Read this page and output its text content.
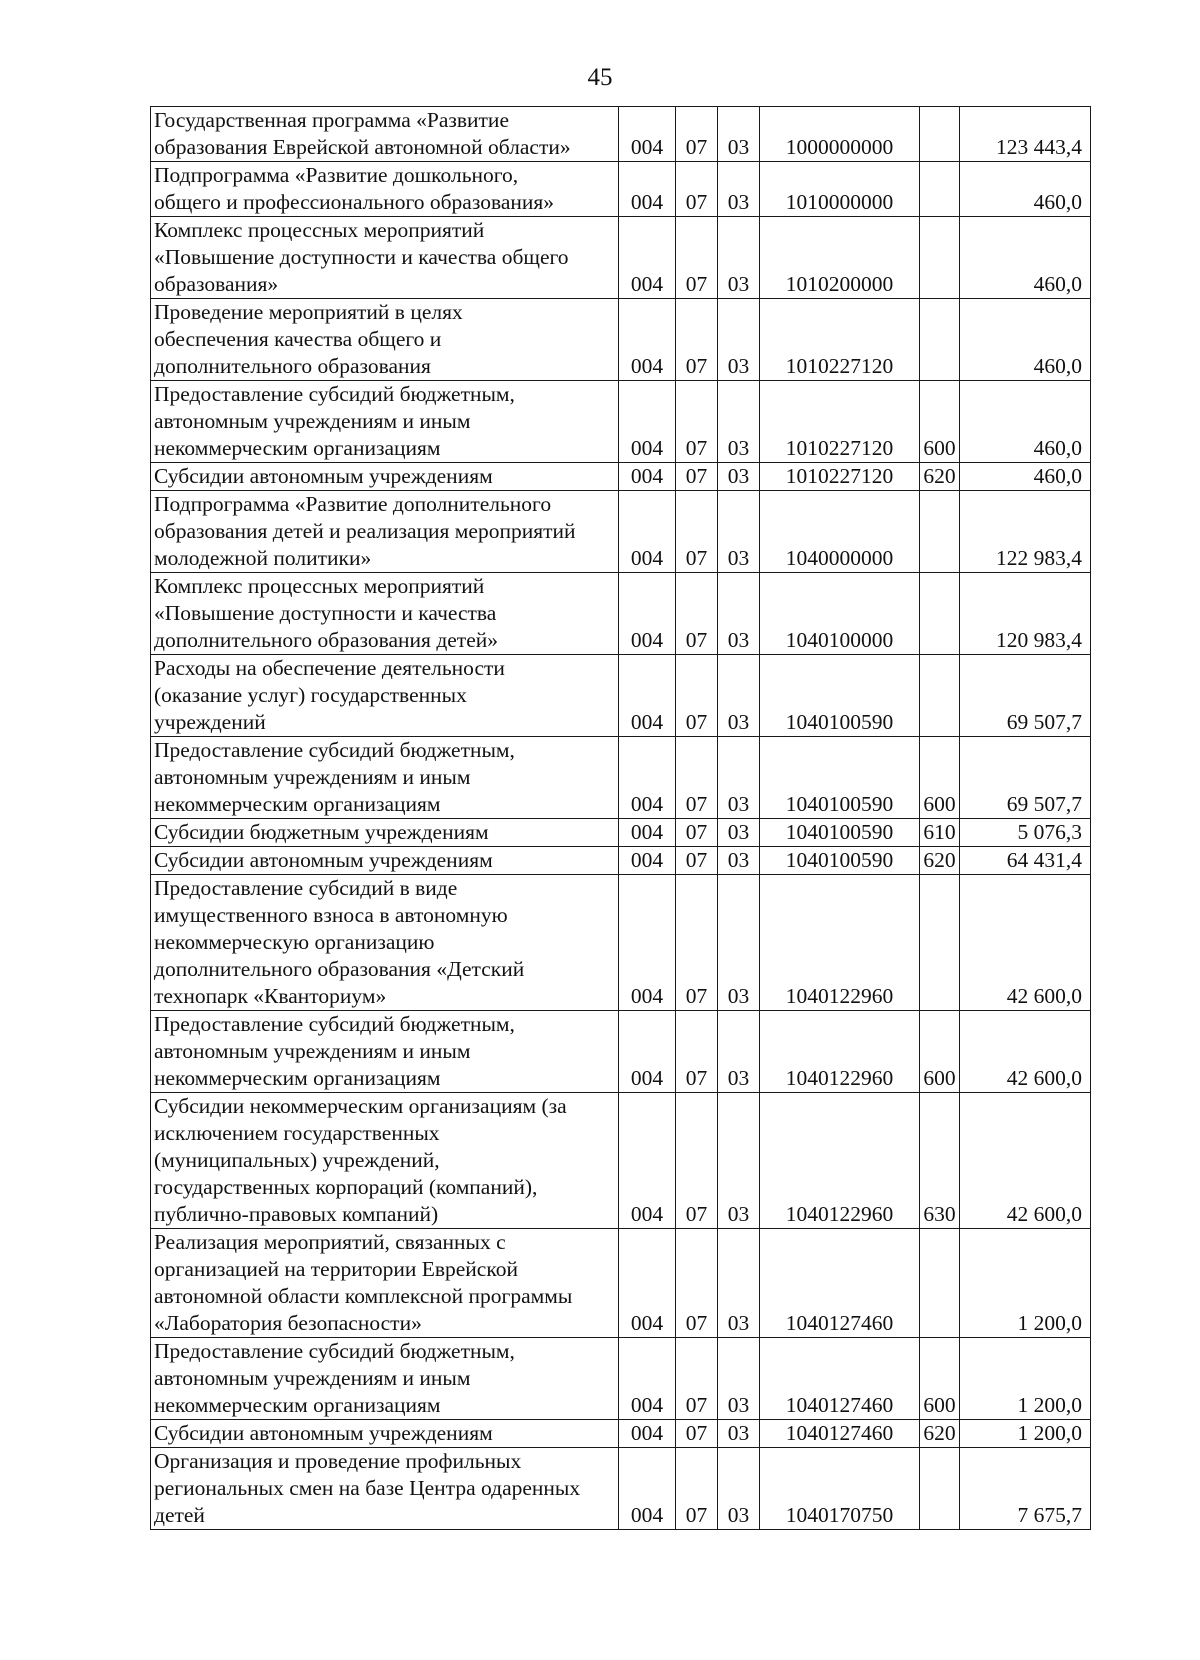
45
Государственная программа «Развитие
образования Еврейской автономной области»	004	07	03	1000000000		123 443,4
Подпрограмма «Развитие дошкольного,
общего и профессионального образования»	004	07	03	1010000000		460,0
Комплекс процессных мероприятий
«Повышение доступности и качества общего
образования»	004	07	03	1010200000		460,0
Проведение мероприятий в целях
обеспечения качества общего и
дополнительного образования	004	07	03	1010227120		460,0
Предоставление субсидий бюджетным,
автономным учреждениям и иным
некоммерческим организациям	004	07	03	1010227120	600	460,0
Субсидии автономным учреждениям	004	07	03	1010227120	620	460,0
Подпрограмма «Развитие дополнительного
образования детей и реализация мероприятий
молодежной политики»	004	07	03	1040000000		122 983,4
Комплекс процессных мероприятий
«Повышение доступности и качества
дополнительного образования детей»	004	07	03	1040100000		120 983,4
Расходы на обеспечение деятельности
(оказание услуг) государственных
учреждений	004	07	03	1040100590		69 507,7
Предоставление субсидий бюджетным,
автономным учреждениям и иным
некоммерческим организациям	004	07	03	1040100590	600	69 507,7
Субсидии бюджетным учреждениям	004	07	03	1040100590	610	5 076,3
Субсидии автономным учреждениям	004	07	03	1040100590	620	64 431,4
Предоставление субсидий в виде
имущественного взноса в автономную
некоммерческую организацию
дополнительного образования «Детский
технопарк «Кванториум»	004	07	03	1040122960		42 600,0
Предоставление субсидий бюджетным,
автономным учреждениям и иным
некоммерческим организациям	004	07	03	1040122960	600	42 600,0
Субсидии некоммерческим организациям (за
исключением государственных
(муниципальных) учреждений,
государственных корпораций (компаний),
публично-правовых компаний)	004	07	03	1040122960	630	42 600,0
Реализация мероприятий, связанных с
организацией на территории Еврейской
автономной области комплексной программы
«Лаборатория безопасности»	004	07	03	1040127460		1 200,0
Предоставление субсидий бюджетным,
автономным учреждениям и иным
некоммерческим организациям	004	07	03	1040127460	600	1 200,0
Субсидии автономным учреждениям	004	07	03	1040127460	620	1 200,0
Организация и проведение профильных
региональных смен на базе Центра одаренных
детей	004	07	03	1040170750		7 675,7
